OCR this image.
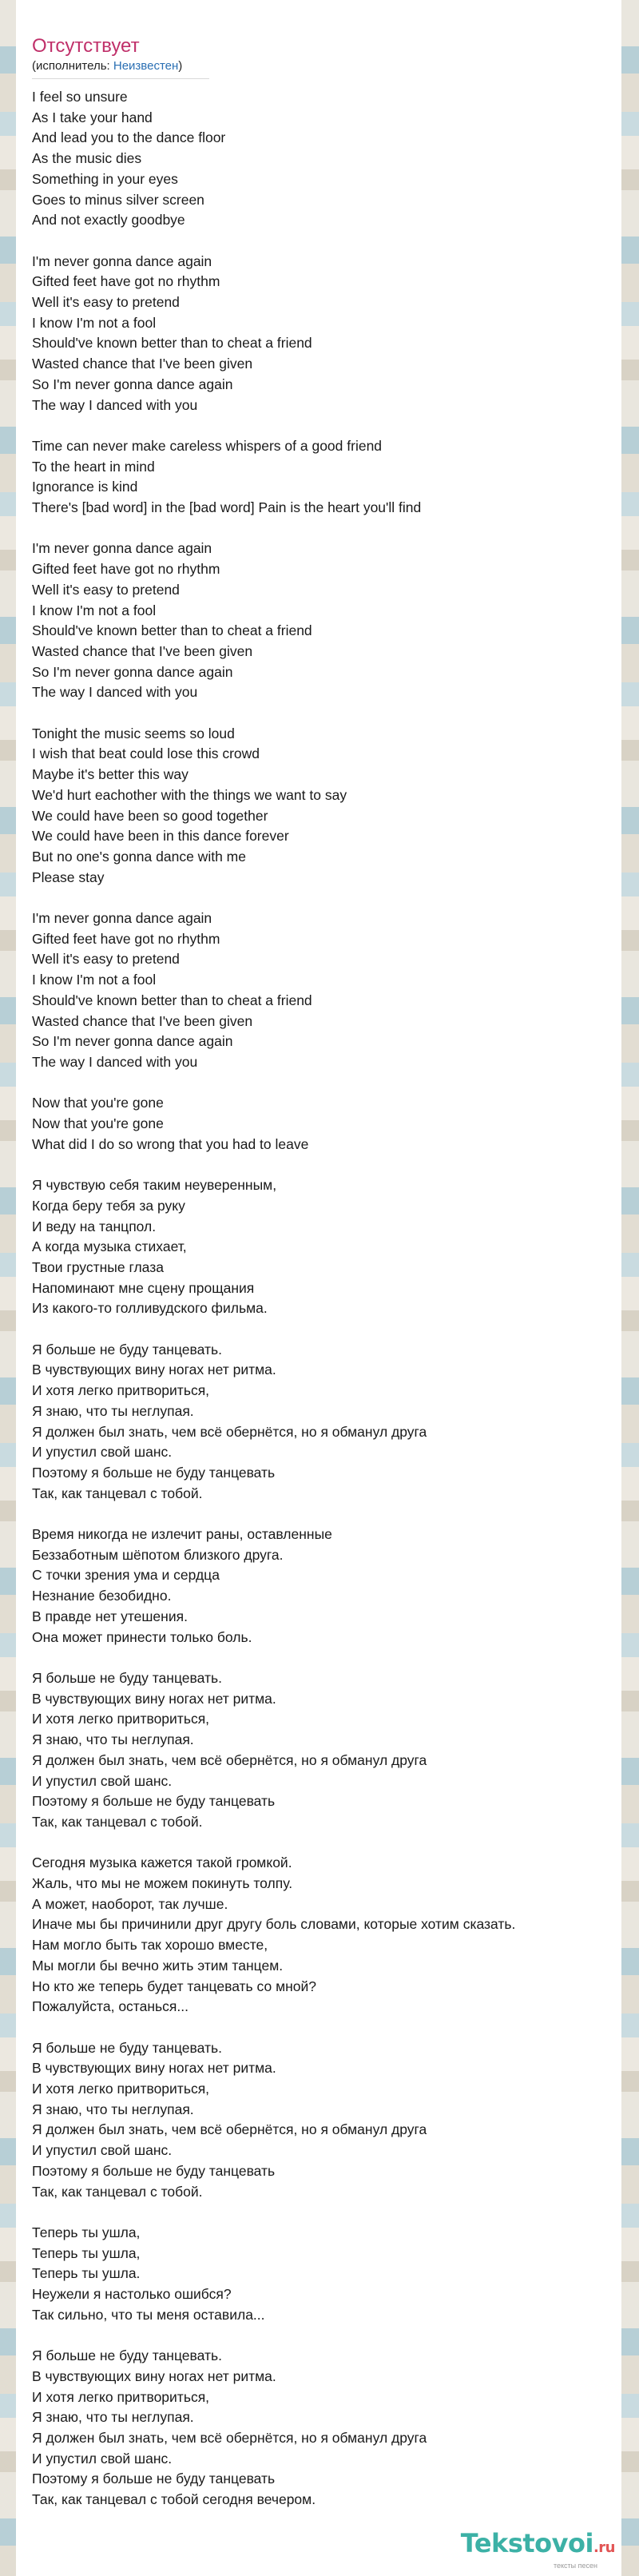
Отсутствует
(исполнитель: Неизвестен)
I feel so unsure
As I take your hand
And lead you to the dance floor
As the music dies
Something in your eyes
Goes to minus silver screen
And not exactly goodbye
I'm never gonna dance again
Gifted feet have got no rhythm
Well it's easy to pretend
I know I'm not a fool
Should've known better than to cheat a friend
Wasted chance that I've been given
So I'm never gonna dance again
The way I danced with you
Time can never make careless whispers of a good friend
To the heart in mind
Ignorance is kind
There's [bad word] in the [bad word] Pain is the heart you'll find
I'm never gonna dance again
Gifted feet have got no rhythm
Well it's easy to pretend
I know I'm not a fool
Should've known better than to cheat a friend
Wasted chance that I've been given
So I'm never gonna dance again
The way I danced with you
Tonight the music seems so loud
I wish that beat could lose this crowd
Maybe it's better this way
We'd hurt eachother with the things we want to say
We could have been so good together
We could have been in this dance forever
But no one's gonna dance with me
Please stay
I'm never gonna dance again
Gifted feet have got no rhythm
Well it's easy to pretend
I know I'm not a fool
Should've known better than to cheat a friend
Wasted chance that I've been given
So I'm never gonna dance again
The way I danced with you
Now that you're gone
Now that you're gone
What did I do so wrong that you had to leave
Я чувствую себя таким неуверенным,
Когда беру тебя за руку
И веду на танцпол.
А когда музыка стихает,
Твои грустные глаза
Напоминают мне сцену прощания
Из какого-то голливудского фильма.
Я больше не буду танцевать.
В чувствующих вину ногах нет ритма.
И хотя легко притвориться,
Я знаю, что ты неглупая.
Я должен был знать, чем всё обернётся, но я обманул друга
И упустил свой шанс.
Поэтому я больше не буду танцевать
Так, как танцевал с тобой.
Время никогда не излечит раны, оставленные
Беззаботным шёпотом близкого друга.
С точки зрения ума и сердца
Незнание безобидно.
В правде нет утешения.
Она может принести только боль.
Я больше не буду танцевать.
В чувствующих вину ногах нет ритма.
И хотя легко притвориться,
Я знаю, что ты неглупая.
Я должен был знать, чем всё обернётся, но я обманул друга
И упустил свой шанс.
Поэтому я больше не буду танцевать
Так, как танцевал с тобой.
Сегодня музыка кажется такой громкой.
Жаль, что мы не можем покинуть толпу.
А может, наоборот, так лучше.
Иначе мы бы причинили друг другу боль словами, которые хотим сказать.
Нам могло быть так хорошо вместе,
Мы могли бы вечно жить этим танцем.
Но кто же теперь будет танцевать со мной?
Пожалуйста, останься...
Я больше не буду танцевать.
В чувствующих вину ногах нет ритма.
И хотя легко притвориться,
Я знаю, что ты неглупая.
Я должен был знать, чем всё обернётся, но я обманул друга
И упустил свой шанс.
Поэтому я больше не буду танцевать
Так, как танцевал с тобой.
Теперь ты ушла,
Теперь ты ушла,
Теперь ты ушла.
Неужели я настолько ошибся?
Так сильно, что ты меня оставила...
Я больше не буду танцевать.
В чувствующих вину ногах нет ритма.
И хотя легко притвориться,
Я знаю, что ты неглупая.
Я должен был знать, чем всё обернётся, но я обманул друга
И упустил свой шанс.
Поэтому я больше не буду танцевать
Так, как танцевал с тобой сегодня вечером.
Tekstovoi.ru
тексты песен
